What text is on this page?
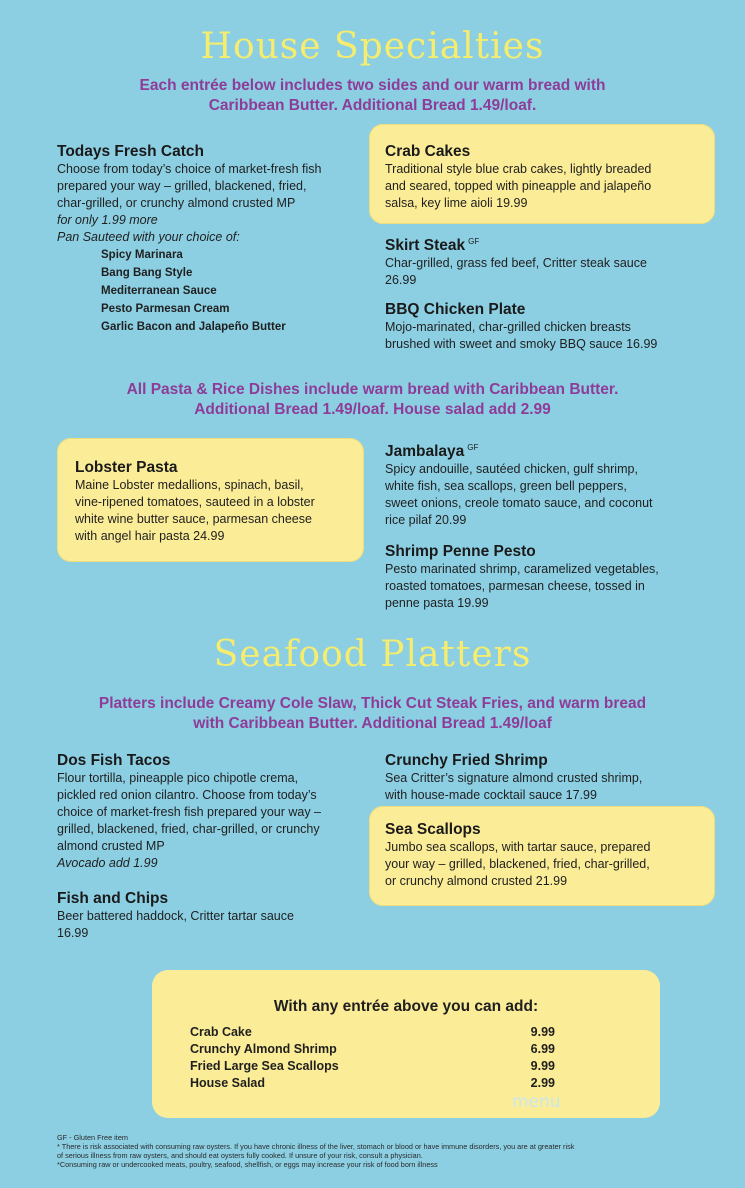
House Specialties
Each entrée below includes two sides and our warm bread with
Caribbean Butter. Additional Bread 1.49/loaf.
Todays Fresh Catch
Choose from today’s choice of market-fresh fish
prepared your way – grilled, blackened, fried,
char-grilled, or crunchy almond crusted MP
for only 1.99 more
Pan Sauteed with your choice of:
Spicy Marinara
Bang Bang Style
Mediterranean Sauce
Pesto Parmesan Cream
Garlic Bacon and Jalapeño Butter
Crab Cakes
Traditional style blue crab cakes, lightly breaded
and seared, topped with pineapple and jalapeño
salsa, key lime aioli 19.99
Skirt Steak $^{GF}$
Char-grilled, grass fed beef, Critter steak sauce
26.99
BBQ Chicken Plate
Mojo-marinated, char-grilled chicken breasts
brushed with sweet and smoky BBQ sauce 16.99
All Pasta & Rice Dishes include warm bread with Caribbean Butter.
Additional Bread 1.49/loaf. House salad add 2.99
Lobster Pasta
Maine Lobster medallions, spinach, basil,
vine-ripened tomatoes, sauteed in a lobster
white wine butter sauce, parmesan cheese
with angel hair pasta 24.99
Jambalaya $^{GF}$
Spicy andouille, sautéed chicken, gulf shrimp,
white fish, sea scallops, green bell peppers,
sweet onions, creole tomato sauce, and coconut
rice pilaf 20.99
Shrimp Penne Pesto
Pesto marinated shrimp, caramelized vegetables,
roasted tomatoes, parmesan cheese, tossed in
penne pasta 19.99
Seafood Platters
Platters include Creamy Cole Slaw, Thick Cut Steak Fries, and warm bread
with Caribbean Butter. Additional Bread 1.49/loaf
Dos Fish Tacos
Flour tortilla, pineapple pico chipotle crema,
pickled red onion cilantro. Choose from today’s
choice of market-fresh fish prepared your way –
grilled, blackened, fried, char-grilled, or crunchy
almond crusted MP
Avocado add 1.99
Fish and Chips
Beer battered haddock, Critter tartar sauce
16.99
Crunchy Fried Shrimp
Sea Critter’s signature almond crusted shrimp,
with house-made cocktail sauce 17.99
Sea Scallops
Jumbo sea scallops, with tartar sauce, prepared
your way – grilled, blackened, fried, char-grilled,
or crunchy almond crusted 21.99
With any entrée above you can add:
Crab Cake	9.99
Crunchy Almond Shrimp	6.99
Fried Large Sea Scallops	9.99
House Salad	2.99
menu
GF - Gluten Free item
* There is risk associated with consuming raw oysters. If you have chronic illness of the liver, stomach or blood or have immune disorders, you are at greater risk
of serious illness from raw oysters, and should eat oysters fully cooked. If unsure of your risk, consult a physician.
*Consuming raw or undercooked meats, poultry, seafood, shellfish, or eggs may increase your risk of food born illness
